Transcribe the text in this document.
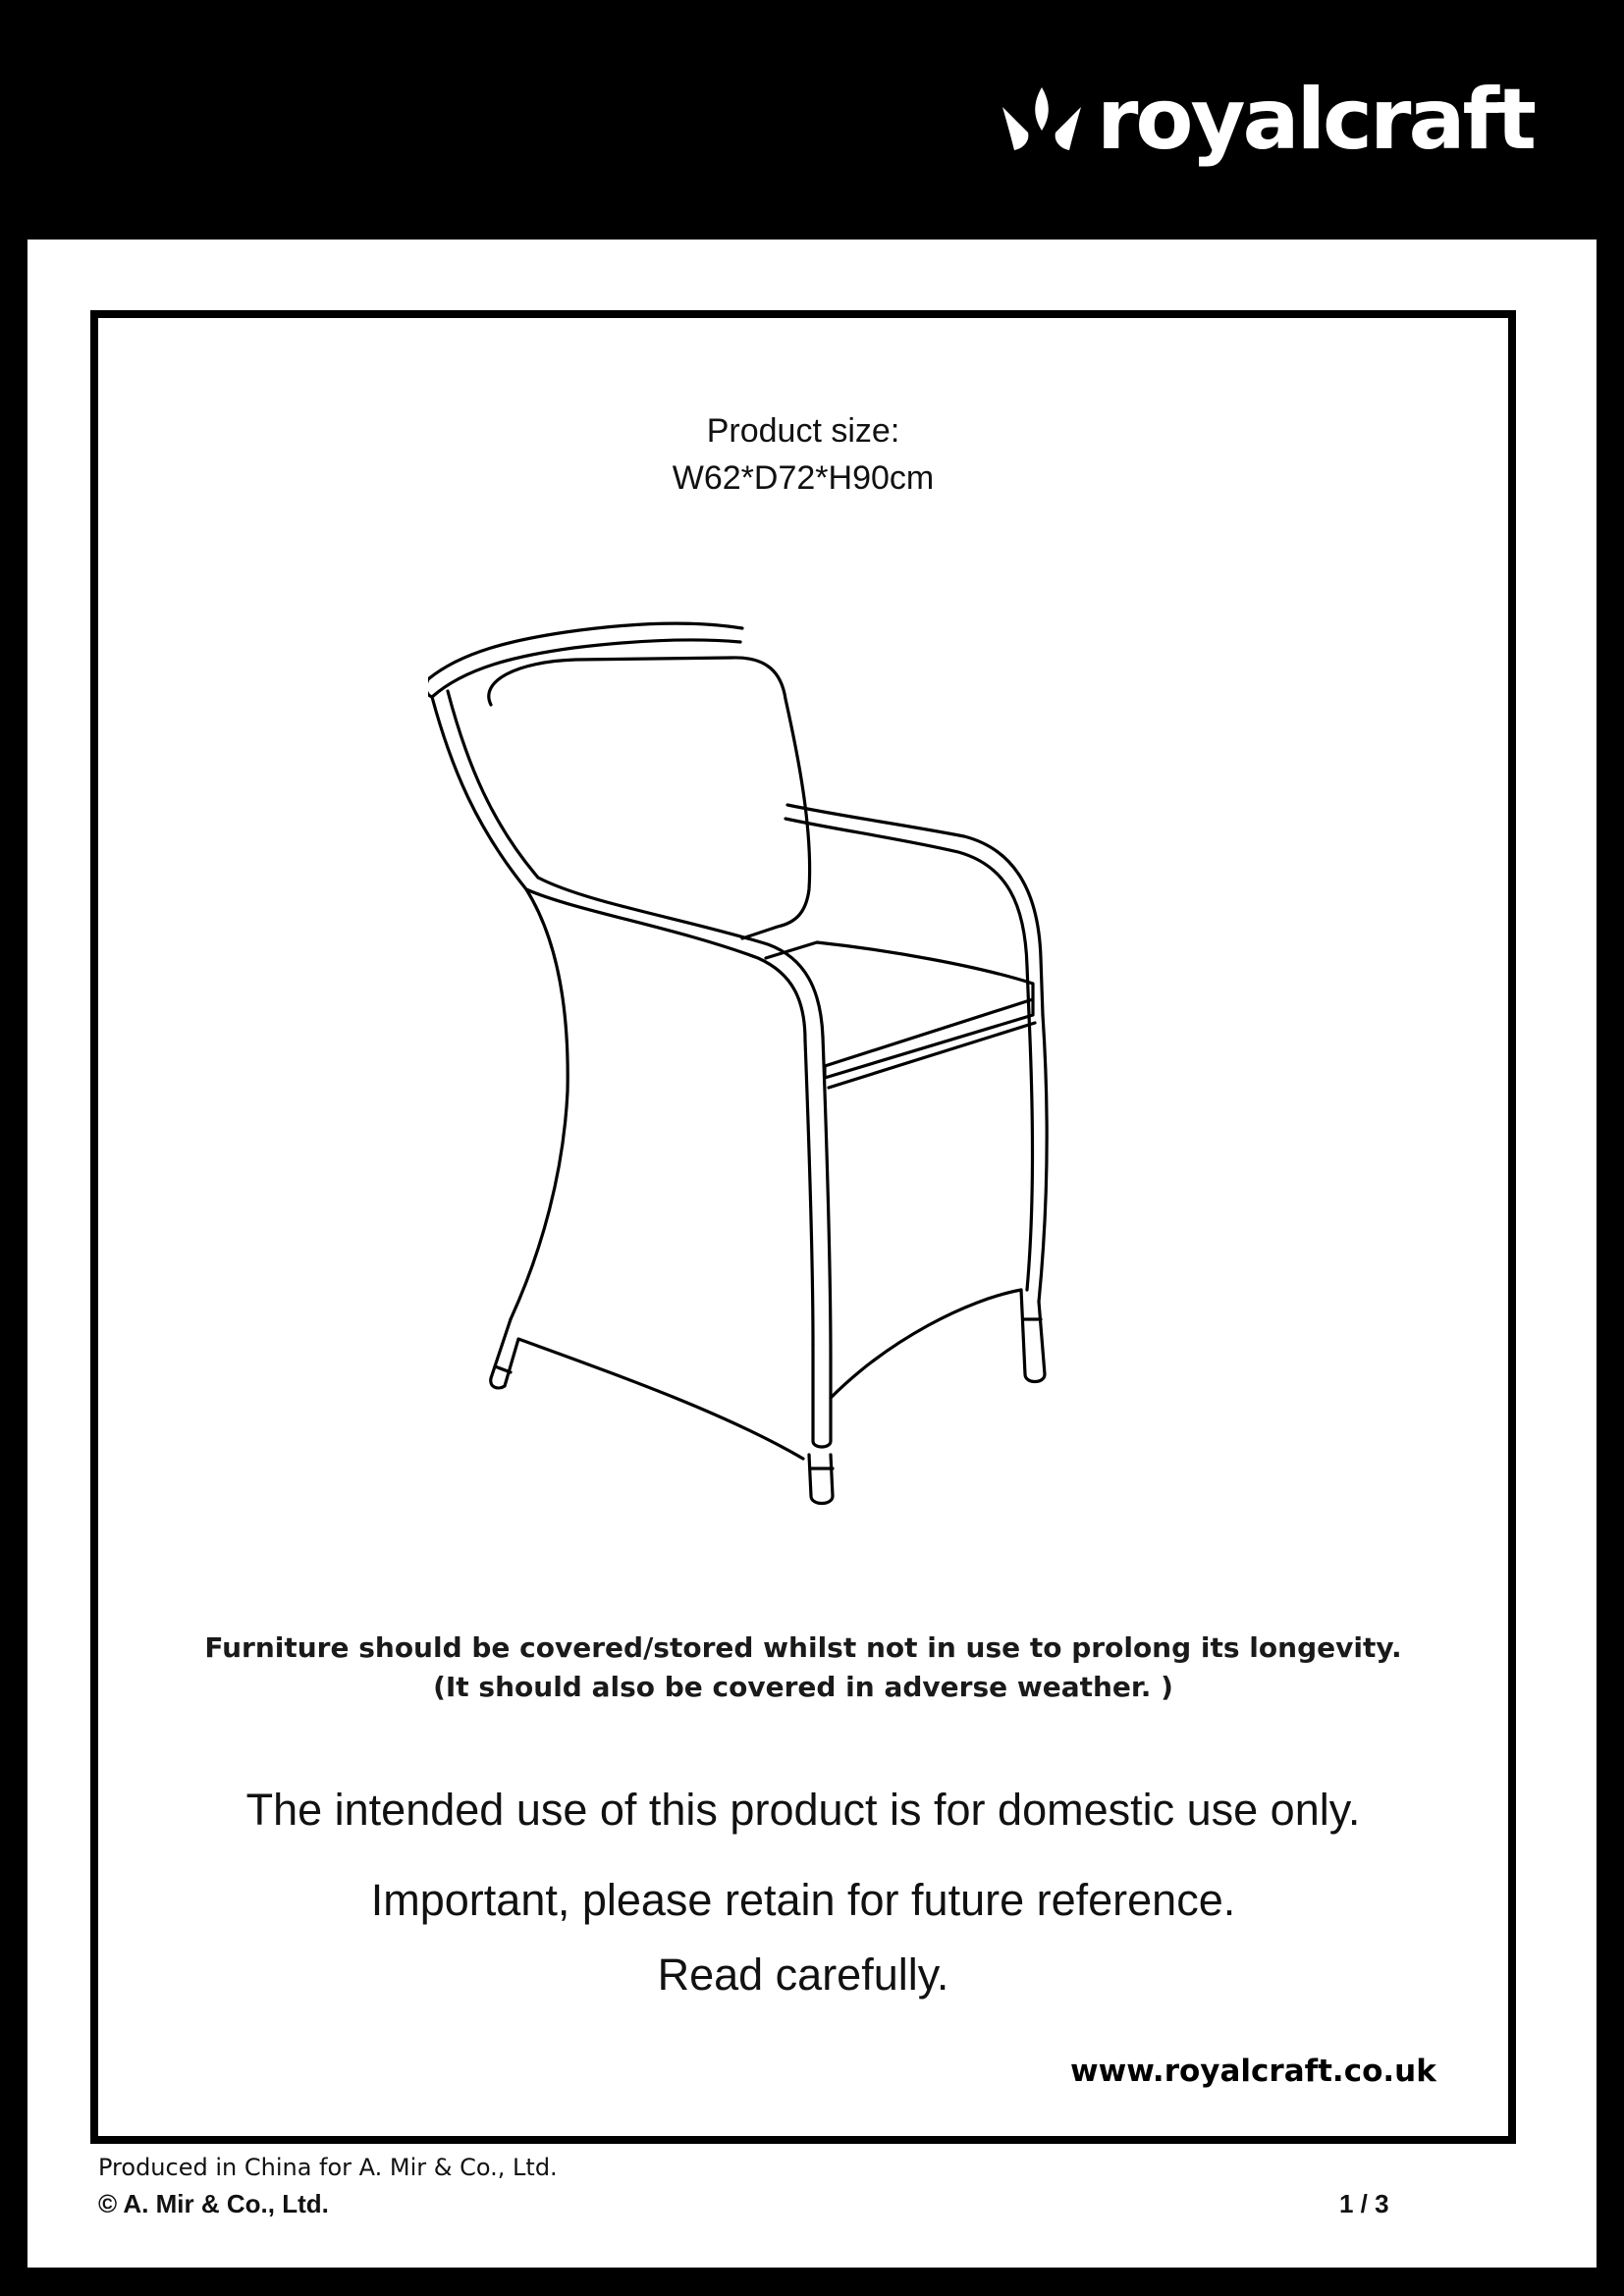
royalcraft

Product size:

W62*D72*H90cm

Furniture should be covered/stored whilst not in use to prolong its longevity.

(It should also be covered in adverse weather. )

The intended use of this product is for domestic use only.

Important, please retain for future reference.

Read carefully.

www.royalcraft.co.uk

Produced in China for A. Mir & Co., Ltd.

© A. Mir & Co., Ltd.	1 / 3
